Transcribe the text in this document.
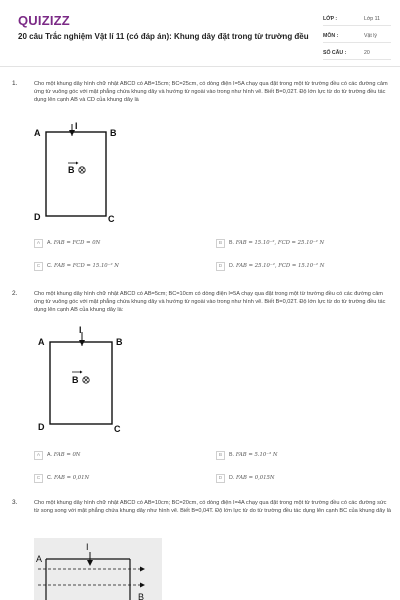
QUIZIZZ
20 câu Trắc nghiệm Vật lí 11 (có đáp án): Khung dây đặt trong từ trường đều
LỚP :	Lớp 11
MÔN :	Vật lý
SỐ CÂU :	20
1.	Cho một khung dây hình chữ nhật ABCD có AB=15cm; BC=25cm, có dòng điện I=5A chạy qua đặt trong một từ trường đều có các đường cảm ứng từ vuông góc với mặt phẳng chứa khung dây và hướng từ ngoài vào trong như hình vẽ. Biết B=0,02T. Độ lớn lực từ do từ trường đều tác dụng lên cạnh AB và CD của khung dây là
I
A	B
D	C
B
A	A. FAB = FCD = 0N	B	B. FAB = 15.10⁻², FCD = 25.10⁻² N
C	C. FAB = FCD = 15.10⁻² N	D	D. FAB = 25.10⁻², FCD = 15.10⁻² N
2.	Cho một khung dây hình chữ nhật ABCD có AB=5cm; BC=10cm có dòng điện I=5A chạy qua đặt trong một từ trường đều có các đường cảm ứng từ vuông góc với mặt phẳng chứa khung dây và hướng từ ngoài vào trong như hình vẽ. Biết B=0,02T. Độ lớn lực từ do từ trường đều tác dụng lên cạnh AB của khung dây là:
I
A	B
D	C
B
A	A. FAB = 0N	B	B. FAB = 5.10⁻³ N
C	C. FAB = 0,01N	D	D. FAB = 0,015N
3.	Cho một khung dây hình chữ nhật ABCD có AB=10cm; BC=20cm, có dòng điện I=4A chạy qua đặt trong một từ trường đều có các đường sức từ song song với mặt phẳng chứa khung dây như hình vẽ. Biết B=0,04T. Độ lớn lực từ do từ trường đều tác dụng lên cạnh BC của khung dây là
I
A
B
